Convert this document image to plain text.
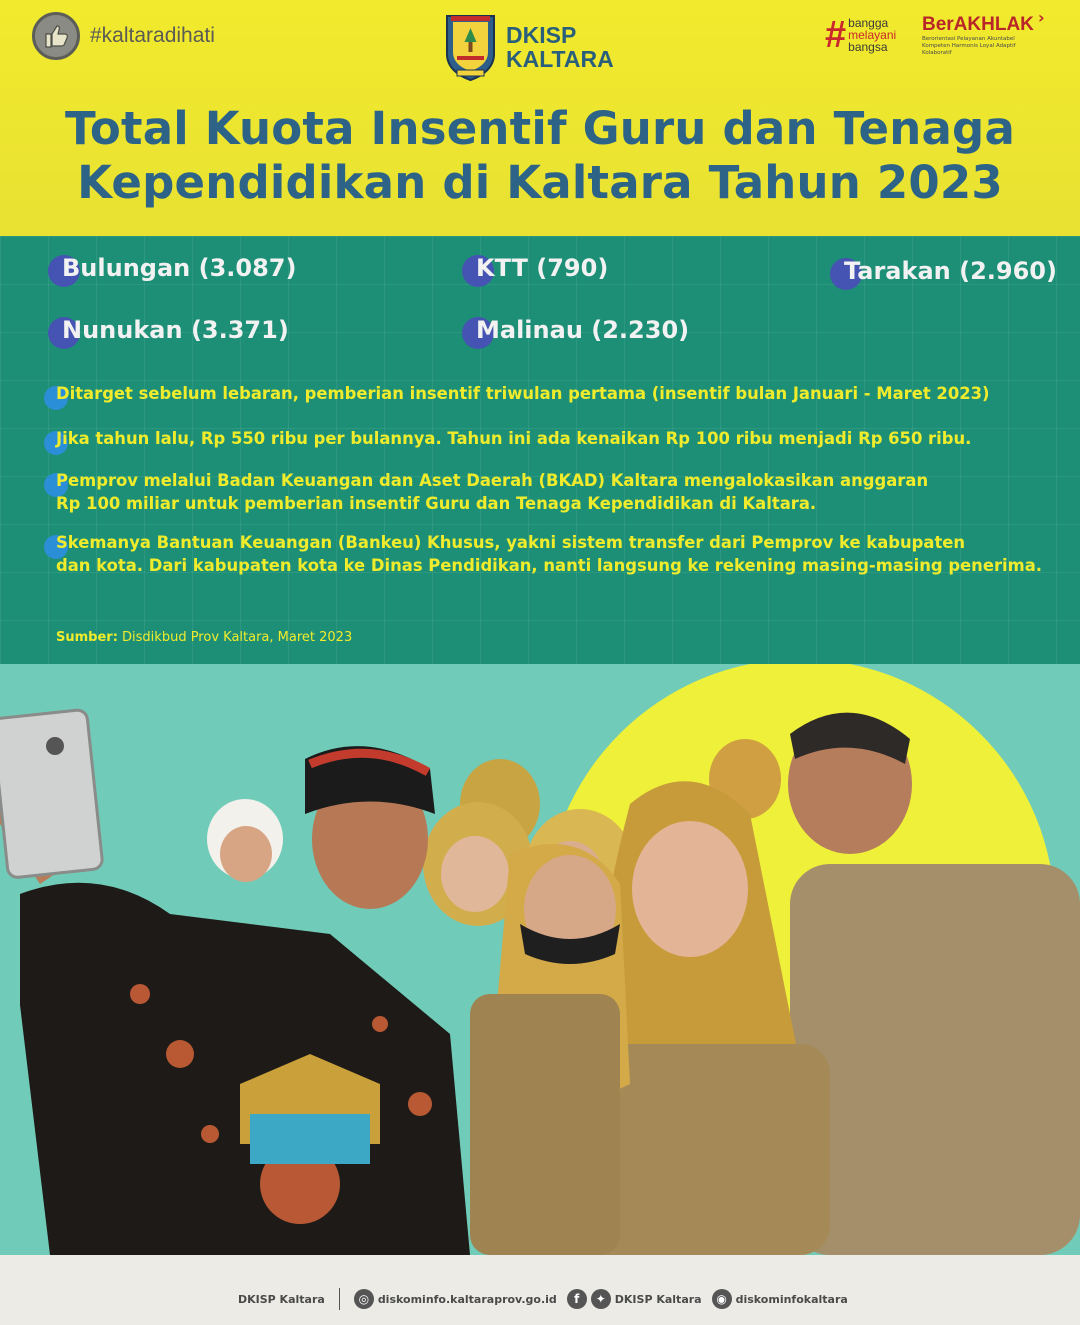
#kaltaradihati	DKISP
KALTARA
# bangga
melayani
bangsa
BerAKHLAK
Berorientasi Pelayanan Akuntabel Kompeten Harmonis Loyal Adaptif Kolaboratif
›
Total Kuota Insentif Guru dan Tenaga
Kependidikan di Kaltara Tahun 2023
Bulungan (3.087)	KTT (790)	Tarakan (2.960)
Nunukan (3.371)	Malinau (2.230)
Ditarget sebelum lebaran, pemberian insentif triwulan pertama (insentif bulan Januari - Maret 2023)
Jika tahun lalu, Rp 550 ribu per bulannya. Tahun ini ada kenaikan Rp 100 ribu menjadi Rp 650 ribu.
Pemprov melalui Badan Keuangan dan Aset Daerah (BKAD) Kaltara mengalokasikan anggaran
Rp 100 miliar untuk pemberian insentif Guru dan Tenaga Kependidikan di Kaltara.
Skemanya Bantuan Keuangan (Bankeu) Khusus, yakni sistem transfer dari Pemprov ke kabupaten
dan kota. Dari kabupaten kota ke Dinas Pendidikan, nanti langsung ke rekening masing-masing penerima.
Sumber: Disdikbud Prov Kaltara, Maret 2023
DKISP Kaltara	◎ diskominfo.kaltaraprov.go.id	f	✦ DKISP Kaltara	◉ diskominfokaltara
